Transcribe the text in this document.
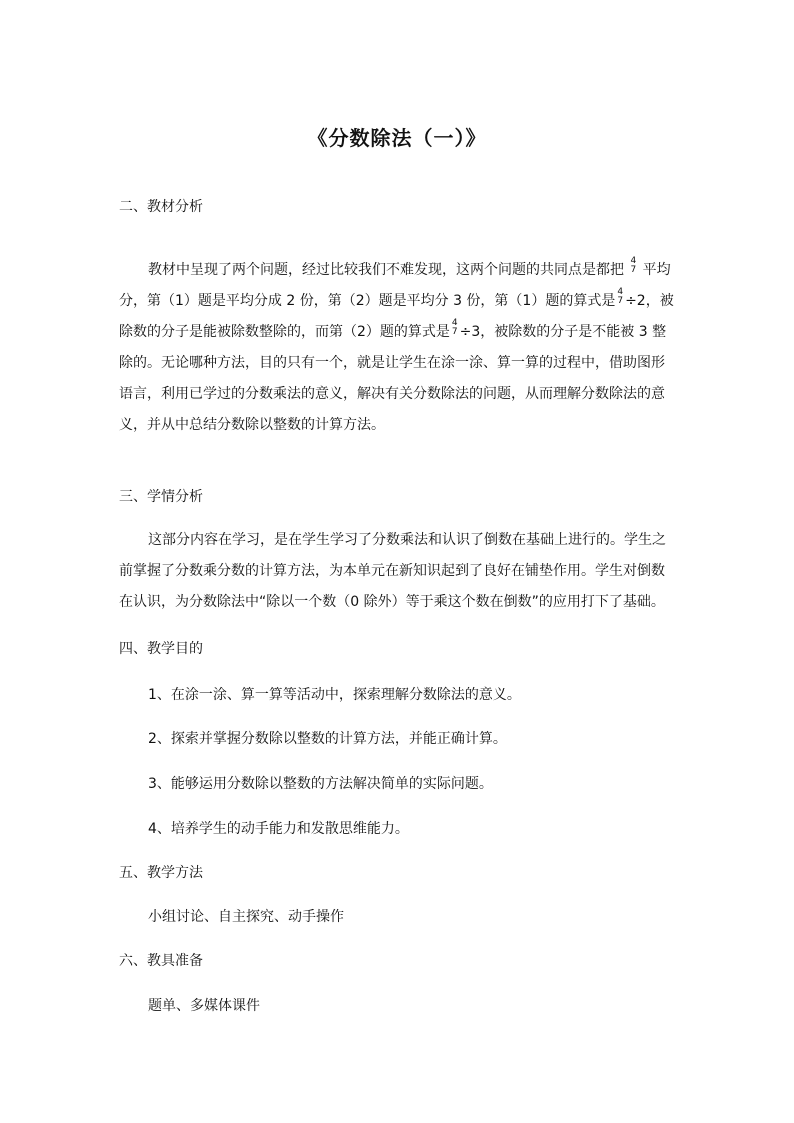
《分数除法（一）》
二、教材分析
教材中呈现了两个问题，经过比较我们不难发现，这两个问题的共同点是都把
4
7 平均分，第（1）题是平均分成 2 份，第（2）题是平均分 3 份，第（1）题的算式是
4
7 ÷2，被除数的分子是能被除数整除的，而第（2）题的算式是
4
7 ÷3，被除数的分子是不能被 3 整除的。无论哪种方法，目的只有一个，就是让学生在涂一涂、算一算的过程中，借助图形语言，利用已学过的分数乘法的意义，解决有关分数除法的问题，从而理解分数除法的意义，并从中总结分数除以整数的计算方法。
三、学情分析
这部分内容在学习，是在学生学习了分数乘法和认识了倒数在基础上进行的。学生之前掌握了分数乘分数的计算方法，为本单元在新知识起到了良好在铺垫作用。学生对倒数在认识，为分数除法中“除以一个数（0 除外）等于乘这个数在倒数”的应用打下了基础。
四、教学目的
1、在涂一涂、算一算等活动中，探索理解分数除法的意义。
2、探索并掌握分数除以整数的计算方法，并能正确计算。
3、能够运用分数除以整数的方法解决简单的实际问题。
4、培养学生的动手能力和发散思维能力。
五、教学方法
小组讨论、自主探究、动手操作
六、教具准备
题单、多媒体课件
